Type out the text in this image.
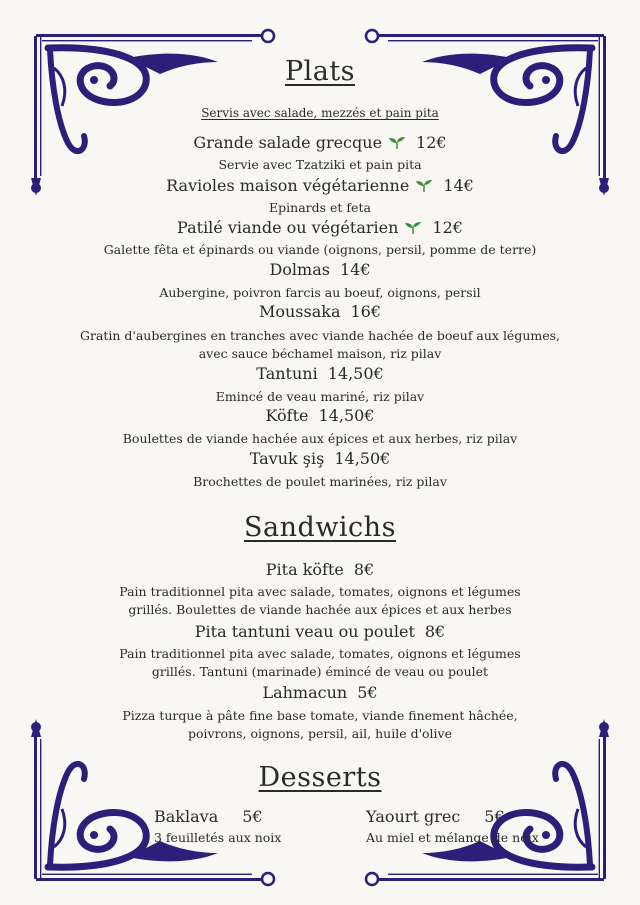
Plats
Servis avec salade, mezzés et pain pita
Grande salade grecque 12€
Servie avec Tzatziki et pain pita
Ravioles maison végétarienne 14€
Epinards et feta
Patilé viande ou végétarien 12€
Galette fêta et épinards ou viande (oignons, persil, pomme de terre)
Dolmas 14€
Aubergine, poivron farcis au boeuf, oignons, persil
Moussaka 16€
Gratin d'aubergines en tranches avec viande hachée de boeuf aux légumes, avec sauce béchamel maison, riz pilav
Tantuni 14,50€
Emincé de veau mariné, riz pilav
Köfte 14,50€
Boulettes de viande hachée aux épices et aux herbes, riz pilav
Tavuk şiş 14,50€
Brochettes de poulet marinées, riz pilav
Sandwichs
Pita köfte 8€
Pain traditionnel pita avec salade, tomates, oignons et légumes grillés. Boulettes de viande hachée aux épices et aux herbes
Pita tantuni veau ou poulet 8€
Pain traditionnel pita avec salade, tomates, oignons et légumes grillés. Tantuni (marinade) émincé de veau ou poulet
Lahmacun 5€
Pizza turque à pâte fine base tomate, viande finement hâchée, poivrons, oignons, persil, ail, huile d'olive
Desserts
Baklava 5€
3 feuilletés aux noix
Yaourt grec 5€
Au miel et mélange de noix
